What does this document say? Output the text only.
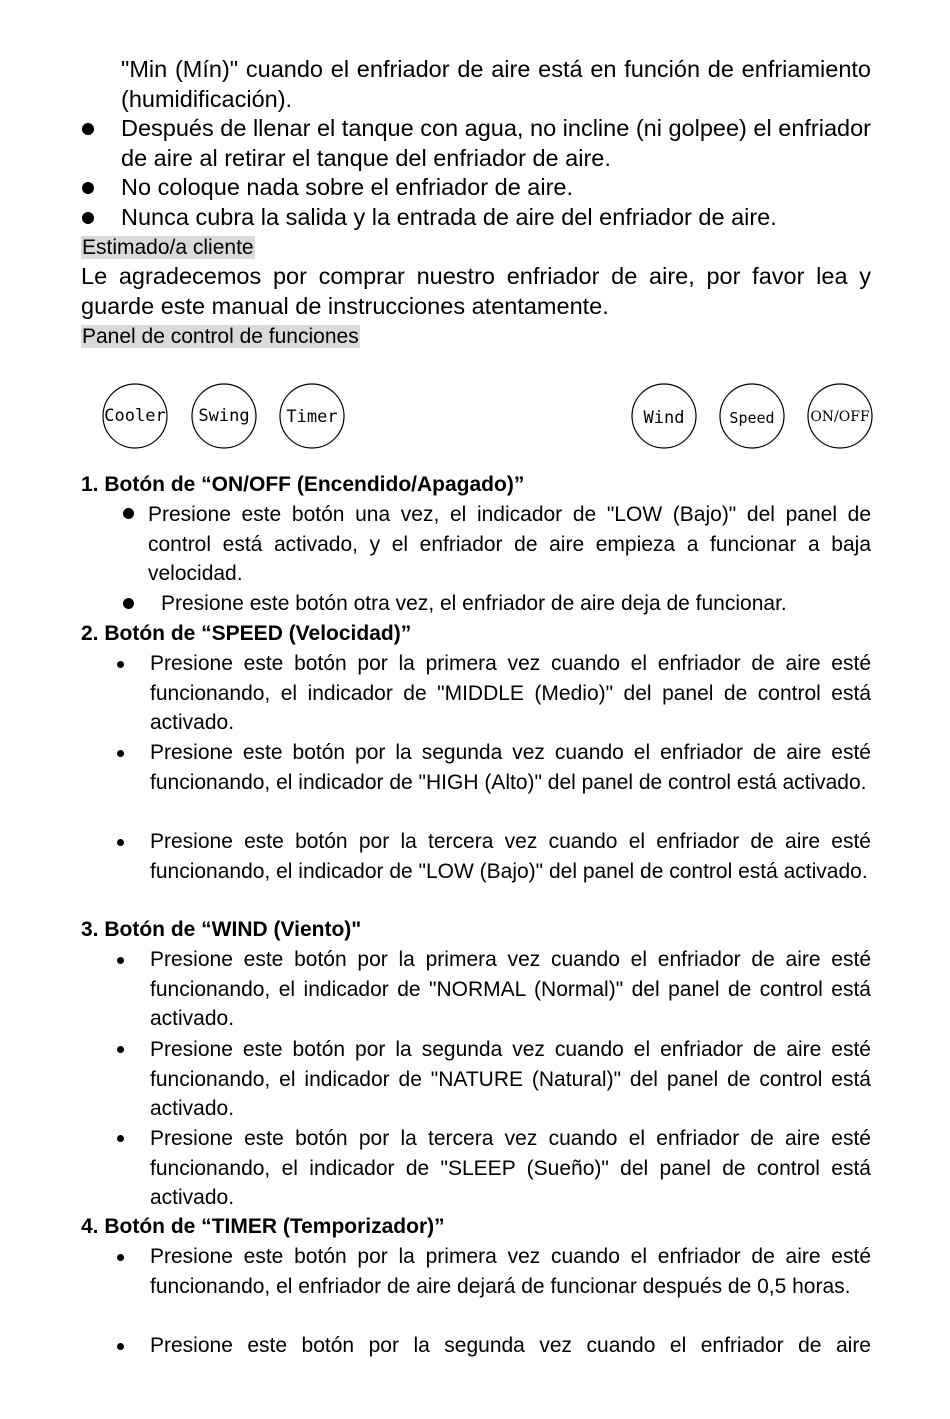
"Min (Mín)" cuando el enfriador de aire está en función de enfriamiento (humidificación).
Después de llenar el tanque con agua, no incline (ni golpee) el enfriador de aire al retirar el tanque del enfriador de aire.
No coloque nada sobre el enfriador de aire.
Nunca cubra la salida y la entrada de aire del enfriador de aire.
Estimado/a cliente
Le agradecemos por comprar nuestro enfriador de aire, por favor lea y guarde este manual de instrucciones atentamente.
Panel de control de funciones
Cooler Swing Timer	Wind	Speed	ON/OFF
1. Botón de “ON/OFF (Encendido/Apagado)”
Presione este botón una vez, el indicador de "LOW (Bajo)" del panel de control está activado, y el enfriador de aire empieza a funcionar a baja velocidad.
Presione este botón otra vez, el enfriador de aire deja de funcionar.
2. Botón de “SPEED (Velocidad)”
Presione este botón por la primera vez cuando el enfriador de aire esté funcionando, el indicador de "MIDDLE (Medio)" del panel de control está activado.
Presione este botón por la segunda vez cuando el enfriador de aire esté funcionando, el indicador de "HIGH (Alto)" del panel de control está activado.
Presione este botón por la tercera vez cuando el enfriador de aire esté funcionando, el indicador de "LOW (Bajo)" del panel de control está activado.
3. Botón de “WIND (Viento)"
Presione este botón por la primera vez cuando el enfriador de aire esté funcionando, el indicador de "NORMAL (Normal)" del panel de control está activado.
Presione este botón por la segunda vez cuando el enfriador de aire esté funcionando, el indicador de "NATURE (Natural)" del panel de control está activado.
Presione este botón por la tercera vez cuando el enfriador de aire esté funcionando, el indicador de "SLEEP (Sueño)" del panel de control está activado.
4. Botón de “TIMER (Temporizador)”
Presione este botón por la primera vez cuando el enfriador de aire esté funcionando, el enfriador de aire dejará de funcionar después de 0,5 horas.
Presione este botón por la segunda vez cuando el enfriador de aire
